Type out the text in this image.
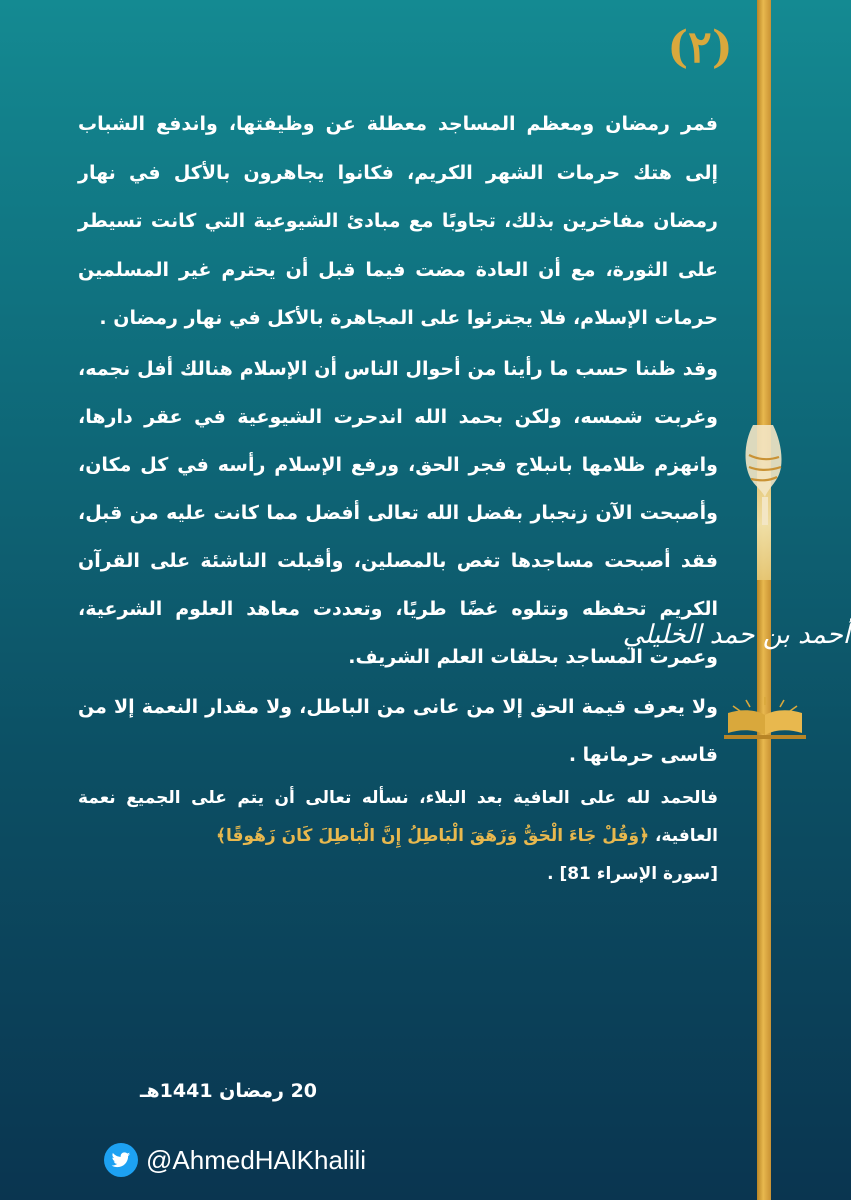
(٢)
أحمد بن حمد الخليلي

فمر رمضان ومعظم المساجد معطلة عن وظيفتها، واندفع الشباب إلى هتك حرمات الشهر الكريم، فكانوا يجاهرون بالأكل في نهار رمضان مفاخرين بذلك، تجاوبًا مع مبادئ الشيوعية التي كانت تسيطر على الثورة، مع أن العادة مضت فيما قبل أن يحترم غير المسلمين حرمات الإسلام، فلا يجترئوا على المجاهرة بالأكل في نهار رمضان .

وقد ظننا حسب ما رأينا من أحوال الناس أن الإسلام هنالك أفل نجمه، وغربت شمسه، ولكن بحمد الله اندحرت الشيوعية في عقر دارها، وانهزم ظلامها بانبلاج فجر الحق، ورفع الإسلام رأسه في كل مكان، وأصبحت الآن زنجبار بفضل الله تعالى أفضل مما كانت عليه من قبل، فقد أصبحت مساجدها تغص بالمصلين، وأقبلت الناشئة على القرآن الكريم تحفظه وتتلوه غضًا طريًا، وتعددت معاهد العلوم الشرعية، وعمرت المساجد بحلقات العلم الشريف.

ولا يعرف قيمة الحق إلا من عانى من الباطل، ولا مقدار النعمة إلا من قاسى حرمانها .

فالحمد لله على العافية بعد البلاء، نسأله تعالى أن يتم على الجميع نعمة العافية، ﴿وَقُلْ جَاءَ الْحَقُّ وَزَهَقَ الْبَاطِلُ إِنَّ الْبَاطِلَ كَانَ زَهُوقًا﴾
[سورة الإسراء 81] .

20 رمضان 1441هـ
@AhmedHAlKhalili
